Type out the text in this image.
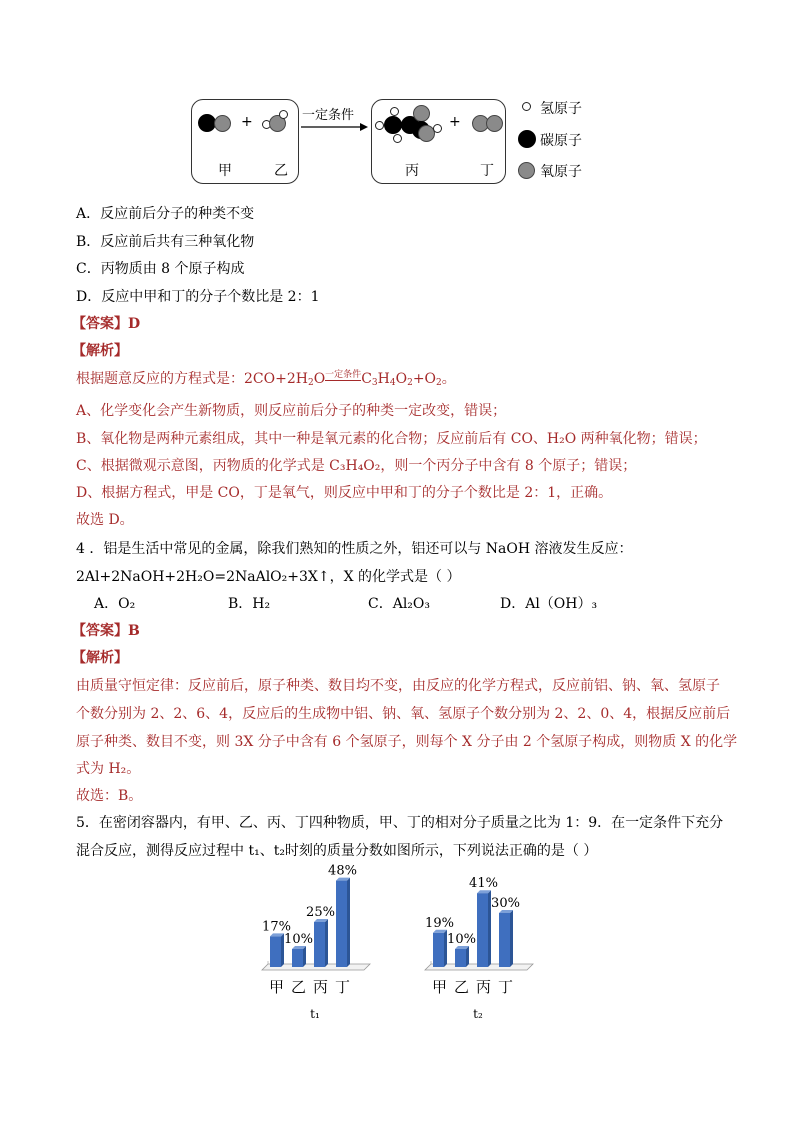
+
甲	乙
一定条件	+
丙	丁
氢原子
碳原子
氧原子
A．反应前后分子的种类不变
B．反应前后共有三种氧化物
C．丙物质由 8 个原子构成
D．反应中甲和丁的分子个数比是 2：1
【答案】D
【解析】
根据题意反应的方程式是：$2CO+2H_2O$一定条件$C_3H_4O_2+O_2$。
A、化学变化会产生新物质，则反应前后分子的种类一定改变，错误；
B、氧化物是两种元素组成，其中一种是氧元素的化合物；反应前后有 CO、H₂O 两种氧化物；错误；
C、根据微观示意图，丙物质的化学式是 C₃H₄O₂，则一个丙分子中含有 8 个原子；错误；
D、根据方程式，甲是 CO，丁是氧气，则反应中甲和丁的分子个数比是 2：1，正确。
故选 D。
4 ．铝是生活中常见的金属，除我们熟知的性质之外，铝还可以与 NaOH 溶液发生反应：
2Al+2NaOH+2H₂O=2NaAlO₂+3X↑，X 的化学式是（ ）
A．O₂	B．H₂	C．Al₂O₃	D．Al（OH）₃
【答案】B
【解析】
由质量守恒定律：反应前后，原子种类、数目均不变，由反应的化学方程式，反应前铝、钠、氧、氢原子
个数分别为 2、2、6、4，反应后的生成物中铝、钠、氧、氢原子个数分别为 2、2、0、4，根据反应前后
原子种类、数目不变，则 3X 分子中含有 6 个氢原子，则每个 X 分子由 2 个氢原子构成，则物质 X 的化学
式为 H₂。
故选：B。
5．在密闭容器内，有甲、乙、丙、丁四种物质，甲、丁的相对分子质量之比为 1：9．在一定条件下充分
混合反应，测得反应过程中 t₁、t₂时刻的质量分数如图所示，下列说法正确的是（ ）
17%
甲
10%
乙
25%
丙
48%
丁
t₁
19%
甲
10%
乙
41%
丙
30%
丁
t₂
